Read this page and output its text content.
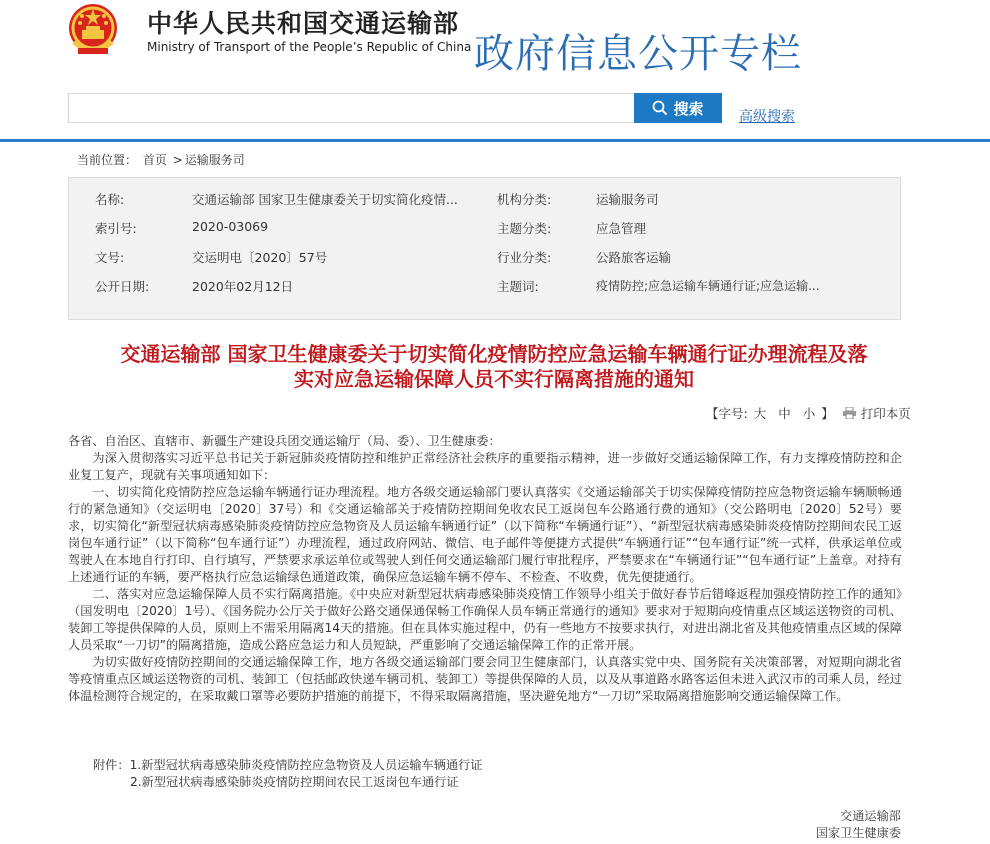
中华人民共和国交通运输部
Ministry of Transport of the People’s Republic of China 政府信息公开专栏
搜索	高级搜索
当前位置： 首页 > 运输服务司
名称:	交通运输部 国家卫生健康委关于切实简化疫情...	机构分类:	运输服务司
索引号:	2020-03069	主题分类:	应急管理
文号:	交运明电〔2020〕57号	行业分类:	公路旅客运输
公开日期:	2020年02月12日	主题词:	疫情防控;应急运输车辆通行证;应急运输...
交通运输部 国家卫生健康委关于切实简化疫情防控应急运输车辆通行证办理流程及落
实对应急运输保障人员不实行隔离措施的通知
【字号: 大 中 小 】 打印本页

各省、自治区、直辖市、新疆生产建设兵团交通运输厅（局、委）、卫生健康委：

为深入贯彻落实习近平总书记关于新冠肺炎疫情防控和维护正常经济社会秩序的重要指示精神，进一步做好交通运输保障工作，有力支撑疫情防控和企业复工复产，现就有关事项通知如下：

一、切实简化疫情防控应急运输车辆通行证办理流程。地方各级交通运输部门要认真落实《交通运输部关于切实保障疫情防控应急物资运输车辆顺畅通行的紧急通知》（交运明电〔2020〕37号）和《交通运输部关于疫情防控期间免收农民工返岗包车公路通行费的通知》（交公路明电〔2020〕52号）要求，切实简化“新型冠状病毒感染肺炎疫情防控应急物资及人员运输车辆通行证”（以下简称“车辆通行证”）、“新型冠状病毒感染肺炎疫情防控期间农民工返岗包车通行证”（以下简称“包车通行证”）办理流程，通过政府网站、微信、电子邮件等便捷方式提供“车辆通行证”“包车通行证”统一式样，供承运单位或驾驶人在本地自行打印、自行填写，严禁要求承运单位或驾驶人到任何交通运输部门履行审批程序，严禁要求在“车辆通行证”“包车通行证”上盖章。对持有上述通行证的车辆，要严格执行应急运输绿色通道政策，确保应急运输车辆不停车、不检查、不收费，优先便捷通行。

二、落实对应急运输保障人员不实行隔离措施。《中央应对新型冠状病毒感染肺炎疫情工作领导小组关于做好春节后错峰返程加强疫情防控工作的通知》（国发明电〔2020〕1号）、《国务院办公厅关于做好公路交通保通保畅工作确保人员车辆正常通行的通知》要求对于短期向疫情重点区域运送物资的司机、装卸工等提供保障的人员，原则上不需采用隔离14天的措施。但在具体实施过程中，仍有一些地方不按要求执行，对进出湖北省及其他疫情重点区域的保障人员采取“一刀切”的隔离措施，造成公路应急运力和人员短缺，严重影响了交通运输保障工作的正常开展。

为切实做好疫情防控期间的交通运输保障工作，地方各级交通运输部门要会同卫生健康部门，认真落实党中央、国务院有关决策部署，对短期向湖北省等疫情重点区域运送物资的司机、装卸工（包括邮政快递车辆司机、装卸工）等提供保障的人员，以及从事道路水路客运但未进入武汉市的司乘人员，经过体温检测符合规定的，在采取戴口罩等必要防护措施的前提下，不得采取隔离措施，坚决避免地方“一刀切”采取隔离措施影响交通运输保障工作。

附件：1.新型冠状病毒感染肺炎疫情防控应急物资及人员运输车辆通行证
2.新型冠状病毒感染肺炎疫情防控期间农民工返岗包车通行证
交通运输部
国家卫生健康委
